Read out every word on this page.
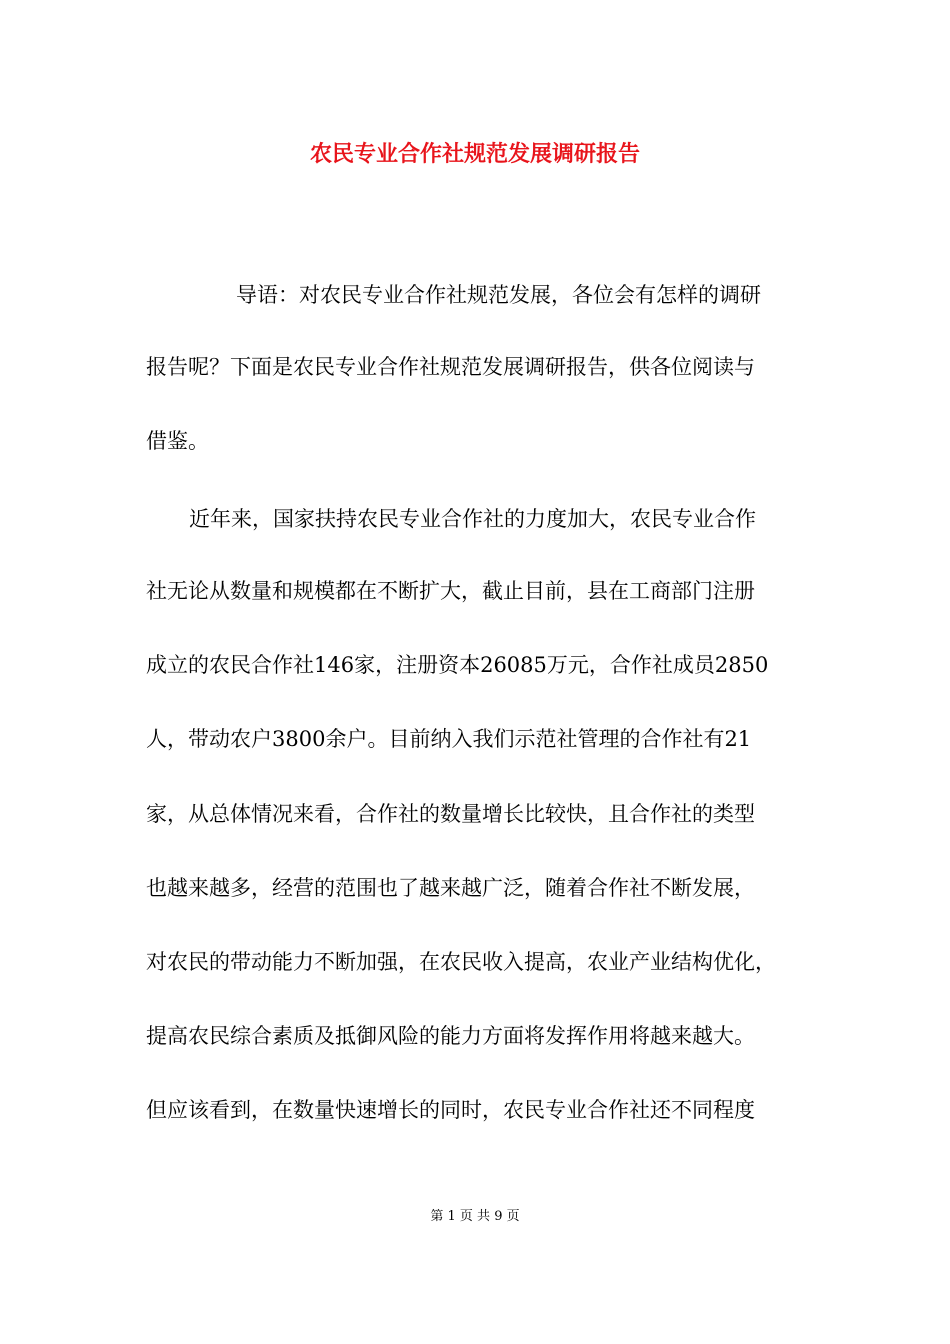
农民专业合作社规范发展调研报告
导语：对农民专业合作社规范发展，各位会有怎样的调研
报告呢？下面是农民专业合作社规范发展调研报告，供各位阅读与
借鉴。
近年来，国家扶持农民专业合作社的力度加大，农民专业合作
社无论从数量和规模都在不断扩大，截止目前，县在工商部门注册
成立的农民合作社146家，注册资本26085万元，合作社成员2850
人，带动农户3800余户。目前纳入我们示范社管理的合作社有21
家，从总体情况来看，合作社的数量增长比较快，且合作社的类型
也越来越多，经营的范围也了越来越广泛，随着合作社不断发展，
对农民的带动能力不断加强，在农民收入提高，农业产业结构优化，
提高农民综合素质及抵御风险的能力方面将发挥作用将越来越大。
但应该看到，在数量快速增长的同时，农民专业合作社还不同程度
第 1 页 共 9 页
